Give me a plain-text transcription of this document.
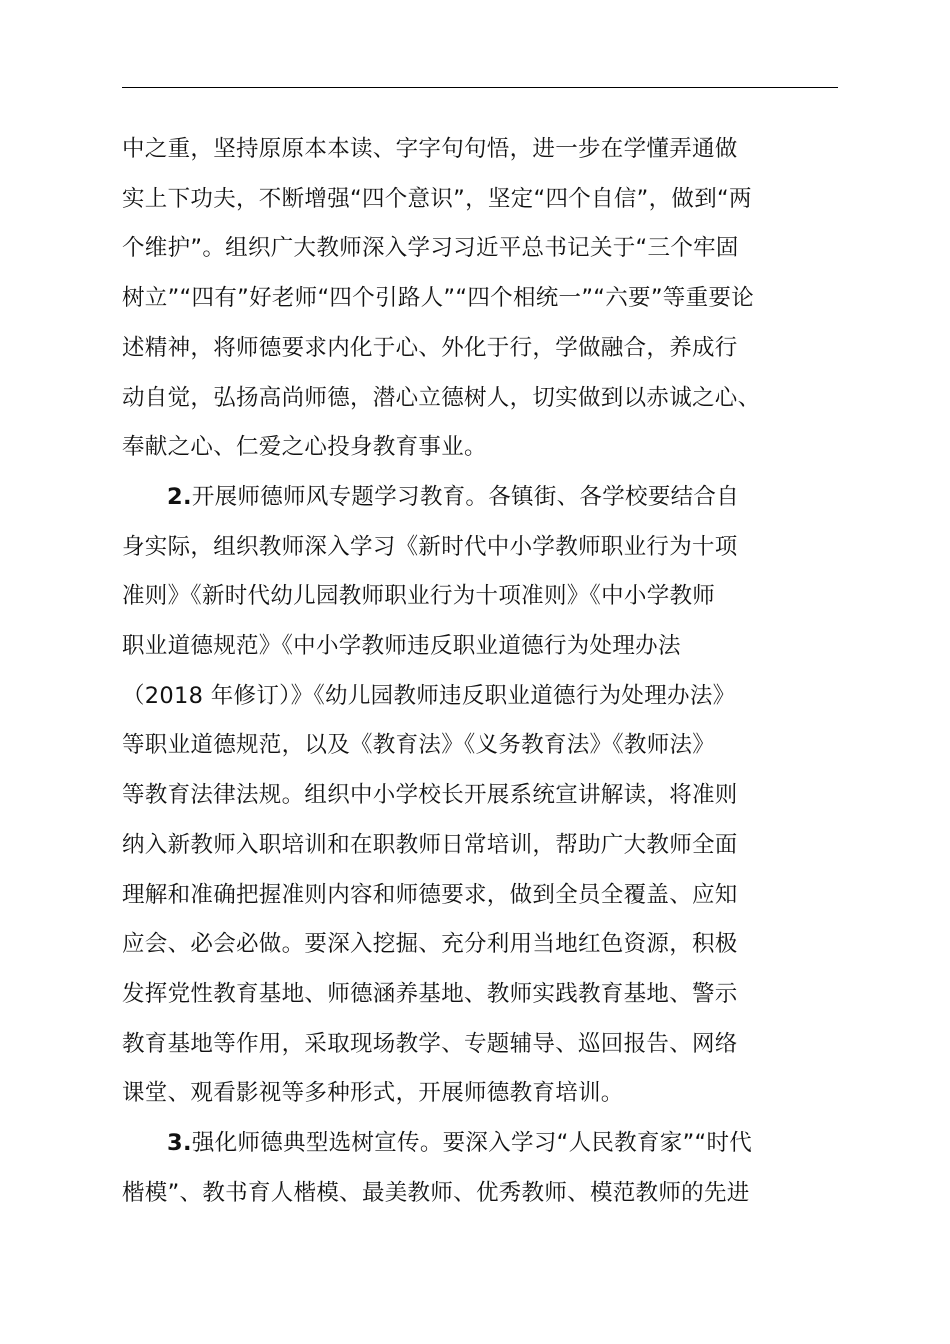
中之重，坚持原原本本读、字字句句悟，进一步在学懂弄通做
实上下功夫，不断增强“四个意识”，坚定“四个自信”，做到“两
个维护”。组织广大教师深入学习习近平总书记关于“三个牢固
树立”“四有”好老师“四个引路人”“四个相统一”“六要”等重要论
述精神，将师德要求内化于心、外化于行，学做融合，养成行
动自觉，弘扬高尚师德，潜心立德树人，切实做到以赤诚之心、
奉献之心、仁爱之心投身教育事业。
2.开展师德师风专题学习教育。各镇街、各学校要结合自
身实际，组织教师深入学习《新时代中小学教师职业行为十项
准则》《新时代幼儿园教师职业行为十项准则》《中小学教师
职业道德规范》《中小学教师违反职业道德行为处理办法
（2018 年修订）》《幼儿园教师违反职业道德行为处理办法》
等职业道德规范，以及《教育法》《义务教育法》《教师法》
等教育法律法规。组织中小学校长开展系统宣讲解读，将准则
纳入新教师入职培训和在职教师日常培训，帮助广大教师全面
理解和准确把握准则内容和师德要求，做到全员全覆盖、应知
应会、必会必做。要深入挖掘、充分利用当地红色资源，积极
发挥党性教育基地、师德涵养基地、教师实践教育基地、警示
教育基地等作用，采取现场教学、专题辅导、巡回报告、网络
课堂、观看影视等多种形式，开展师德教育培训。
3.强化师德典型选树宣传。要深入学习“人民教育家”“时代
楷模”、教书育人楷模、最美教师、优秀教师、模范教师的先进
